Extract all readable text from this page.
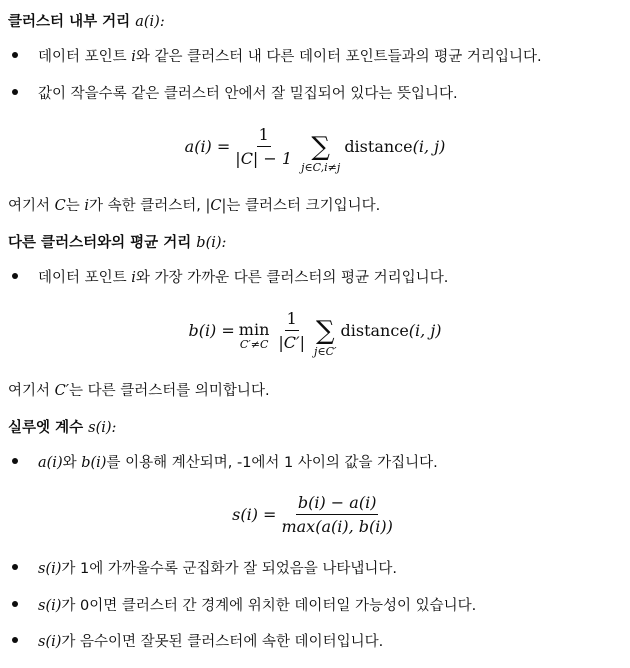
클러스터 내부 거리 a(i):
데이터 포인트
i 와 같은 클러스터 내 다른 데이터 포인트들과의 평균 거리입니다.
값이 작을수록 같은 클러스터 안에서 잘 밀집되어 있다는 뜻입니다.
$a(i) = \frac{1}{|C| - 1}$ ∑
j∈C,i≠j
distance (i, j)
여기서 C는 i가 속한 클러스터, |C|는 클러스터 크기입니다.
다른 클러스터와의 평균 거리 b(i):
데이터 포인트
i 와 가장 가까운 다른 클러스터의 평균 거리입니다.
b(i) = min
$C'\ne C \frac{1}{|C'|}$ ∑
j∈C′
distance (i, j)
여기서 C′는 다른 클러스터를 의미합니다.
실루엣 계수 s(i):
a(i) 와
b(i) 를 이용해 계산되며, -1에서 1 사이의 값을 가집니다.
$s(i) = \frac{b(i) - a(i)}{\max(a(i), b(i))}$
s(i) 가 1에 가까울수록 군집화가 잘 되었음을 나타냅니다.
s(i) 가 0이면 클러스터 간 경계에 위치한 데이터일 가능성이 있습니다.
s(i) 가 음수이면 잘못된 클러스터에 속한 데이터입니다.
